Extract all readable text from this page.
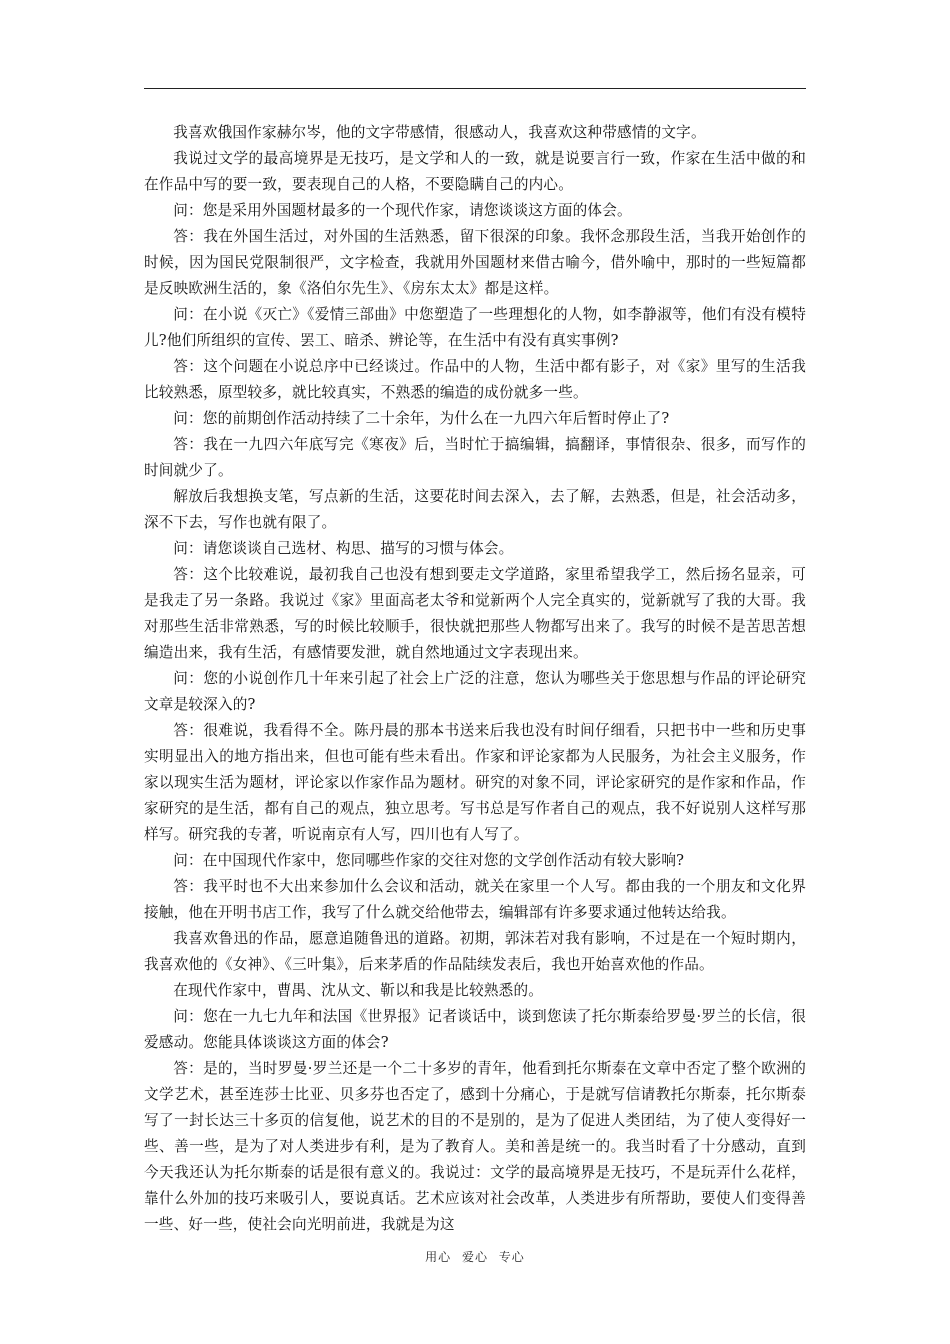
我喜欢俄国作家赫尔岑，他的文字带感情，很感动人，我喜欢这种带感情的文字。

我说过文学的最高境界是无技巧，是文学和人的一致，就是说要言行一致，作家在生活中做的和在作品中写的要一致，要表现自己的人格，不要隐瞒自己的内心。

问：您是采用外国题材最多的一个现代作家，请您谈谈这方面的体会。

答：我在外国生活过，对外国的生活熟悉，留下很深的印象。我怀念那段生活，当我开始创作的时候，因为国民党限制很严，文字检查，我就用外国题材来借古喻今，借外喻中，那时的一些短篇都是反映欧洲生活的，象《洛伯尔先生》、《房东太太》都是这样。

问：在小说《灭亡》《爱情三部曲》中您塑造了一些理想化的人物，如李静淑等，他们有没有模特儿?他们所组织的宣传、罢工、暗杀、辨论等，在生活中有没有真实事例?

答：这个问题在小说总序中已经谈过。作品中的人物，生活中都有影子，对《家》里写的生活我比较熟悉，原型较多，就比较真实，不熟悉的编造的成份就多一些。

问：您的前期创作活动持续了二十余年，为什么在一九四六年后暂时停止了?

答：我在一九四六年底写完《寒夜》后，当时忙于搞编辑，搞翻译，事情很杂、很多，而写作的时间就少了。

解放后我想换支笔，写点新的生活，这要花时间去深入，去了解，去熟悉，但是，社会活动多，深不下去，写作也就有限了。

问：请您谈谈自己选材、构思、描写的习惯与体会。

答：这个比较难说，最初我自己也没有想到要走文学道路，家里希望我学工，然后扬名显亲，可是我走了另一条路。我说过《家》里面高老太爷和觉新两个人完全真实的，觉新就写了我的大哥。我对那些生活非常熟悉，写的时候比较顺手，很快就把那些人物都写出来了。我写的时候不是苦思苦想编造出来，我有生活，有感情要发泄，就自然地通过文字表现出来。

问：您的小说创作几十年来引起了社会上广泛的注意，您认为哪些关于您思想与作品的评论研究文章是较深入的?

答：很难说，我看得不全。陈丹晨的那本书送来后我也没有时间仔细看，只把书中一些和历史事实明显出入的地方指出来，但也可能有些未看出。作家和评论家都为人民服务，为社会主义服务，作家以现实生活为题材，评论家以作家作品为题材。研究的对象不同，评论家研究的是作家和作品，作家研究的是生活，都有自己的观点，独立思考。写书总是写作者自己的观点，我不好说别人这样写那样写。研究我的专著，听说南京有人写，四川也有人写了。

问：在中国现代作家中，您同哪些作家的交往对您的文学创作活动有较大影响?

答：我平时也不大出来参加什么会议和活动，就关在家里一个人写。都由我的一个朋友和文化界接触，他在开明书店工作，我写了什么就交给他带去，编辑部有许多要求通过他转达给我。

我喜欢鲁迅的作品，愿意追随鲁迅的道路。初期，郭沫若对我有影响，不过是在一个短时期内，我喜欢他的《女神》、《三叶集》，后来茅盾的作品陆续发表后，我也开始喜欢他的作品。

在现代作家中，曹禺、沈从文、靳以和我是比较熟悉的。

问：您在一九七九年和法国《世界报》记者谈话中，谈到您读了托尔斯泰给罗曼·罗兰的长信，很爱感动。您能具体谈谈这方面的体会?

答：是的，当时罗曼·罗兰还是一个二十多岁的青年，他看到托尔斯泰在文章中否定了整个欧洲的文学艺术，甚至连莎士比亚、贝多芬也否定了，感到十分痛心，于是就写信请教托尔斯泰，托尔斯泰写了一封长达三十多页的信复他，说艺术的目的不是别的，是为了促进人类团结，为了使人变得好一些、善一些，是为了对人类进步有利，是为了教育人。美和善是统一的。我当时看了十分感动，直到今天我还认为托尔斯泰的话是很有意义的。我说过：文学的最高境界是无技巧，不是玩弄什么花样，靠什么外加的技巧来吸引人，要说真话。艺术应该对社会改革，人类进步有所帮助，要使人们变得善一些、好一些，使社会向光明前进，我就是为这

用心 爱心 专心
